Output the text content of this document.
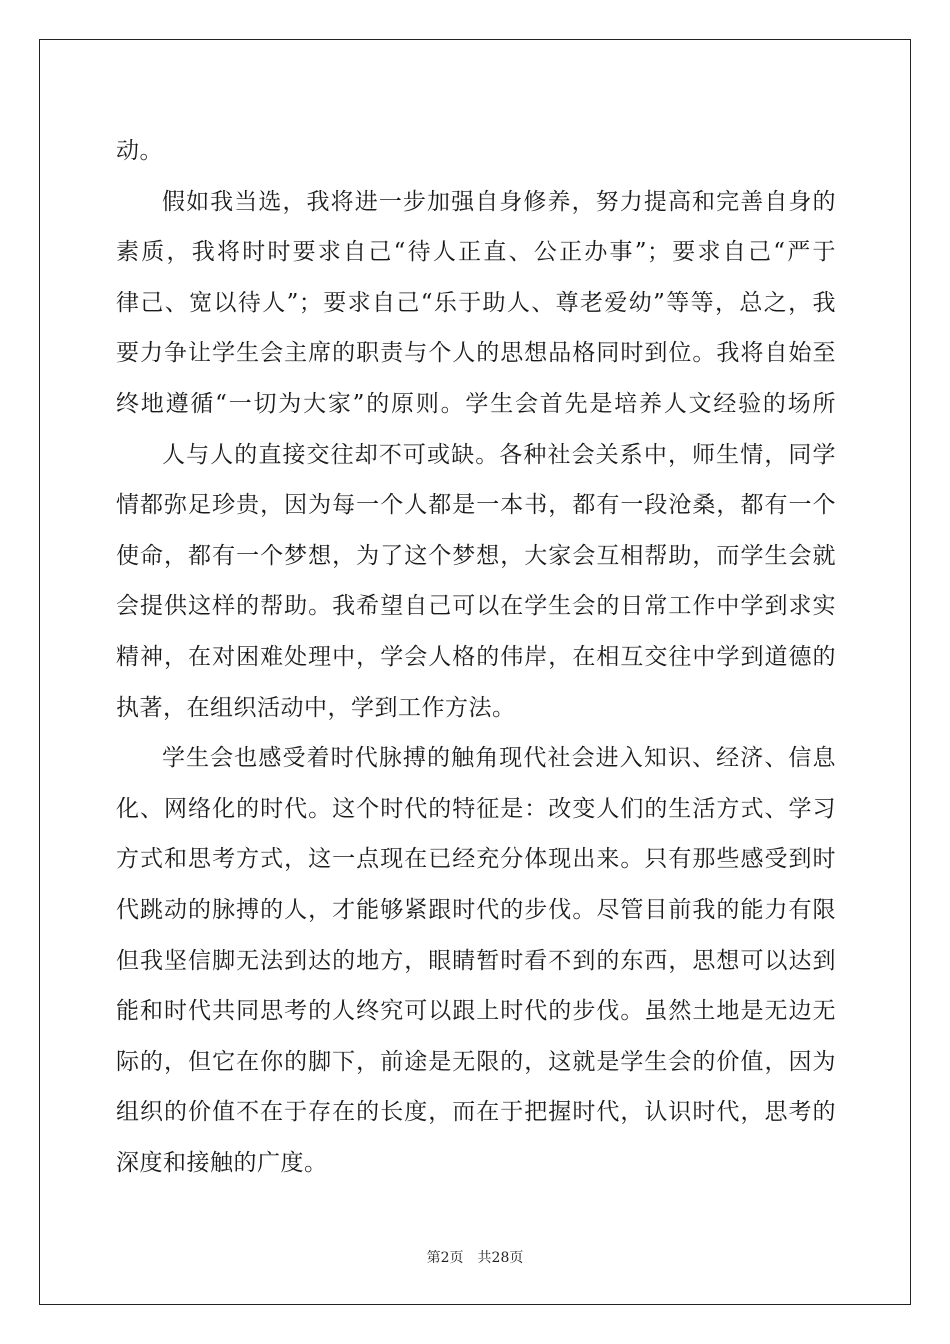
动。
假如我当选，我将进一步加强自身修养，努力提高和完善自身的
素质，我将时时要求自己“待人正直、公正办事”；要求自己“严于
律己、宽以待人”；要求自己“乐于助人、尊老爱幼”等等，总之，我
要力争让学生会主席的职责与个人的思想品格同时到位。我将自始至
终地遵循“一切为大家”的原则。学生会首先是培养人文经验的场所
人与人的直接交往却不可或缺。各种社会关系中，师生情，同学
情都弥足珍贵，因为每一个人都是一本书，都有一段沧桑，都有一个
使命，都有一个梦想，为了这个梦想，大家会互相帮助，而学生会就
会提供这样的帮助。我希望自己可以在学生会的日常工作中学到求实
精神，在对困难处理中，学会人格的伟岸，在相互交往中学到道德的
执著，在组织活动中，学到工作方法。
学生会也感受着时代脉搏的触角现代社会进入知识、经济、信息
化、网络化的时代。这个时代的特征是：改变人们的生活方式、学习
方式和思考方式，这一点现在已经充分体现出来。只有那些感受到时
代跳动的脉搏的人，才能够紧跟时代的步伐。尽管目前我的能力有限
但我坚信脚无法到达的地方，眼睛暂时看不到的东西，思想可以达到
能和时代共同思考的人终究可以跟上时代的步伐。虽然土地是无边无
际的，但它在你的脚下，前途是无限的，这就是学生会的价值，因为
组织的价值不在于存在的长度，而在于把握时代，认识时代，思考的
深度和接触的广度。
第2页　共28页
